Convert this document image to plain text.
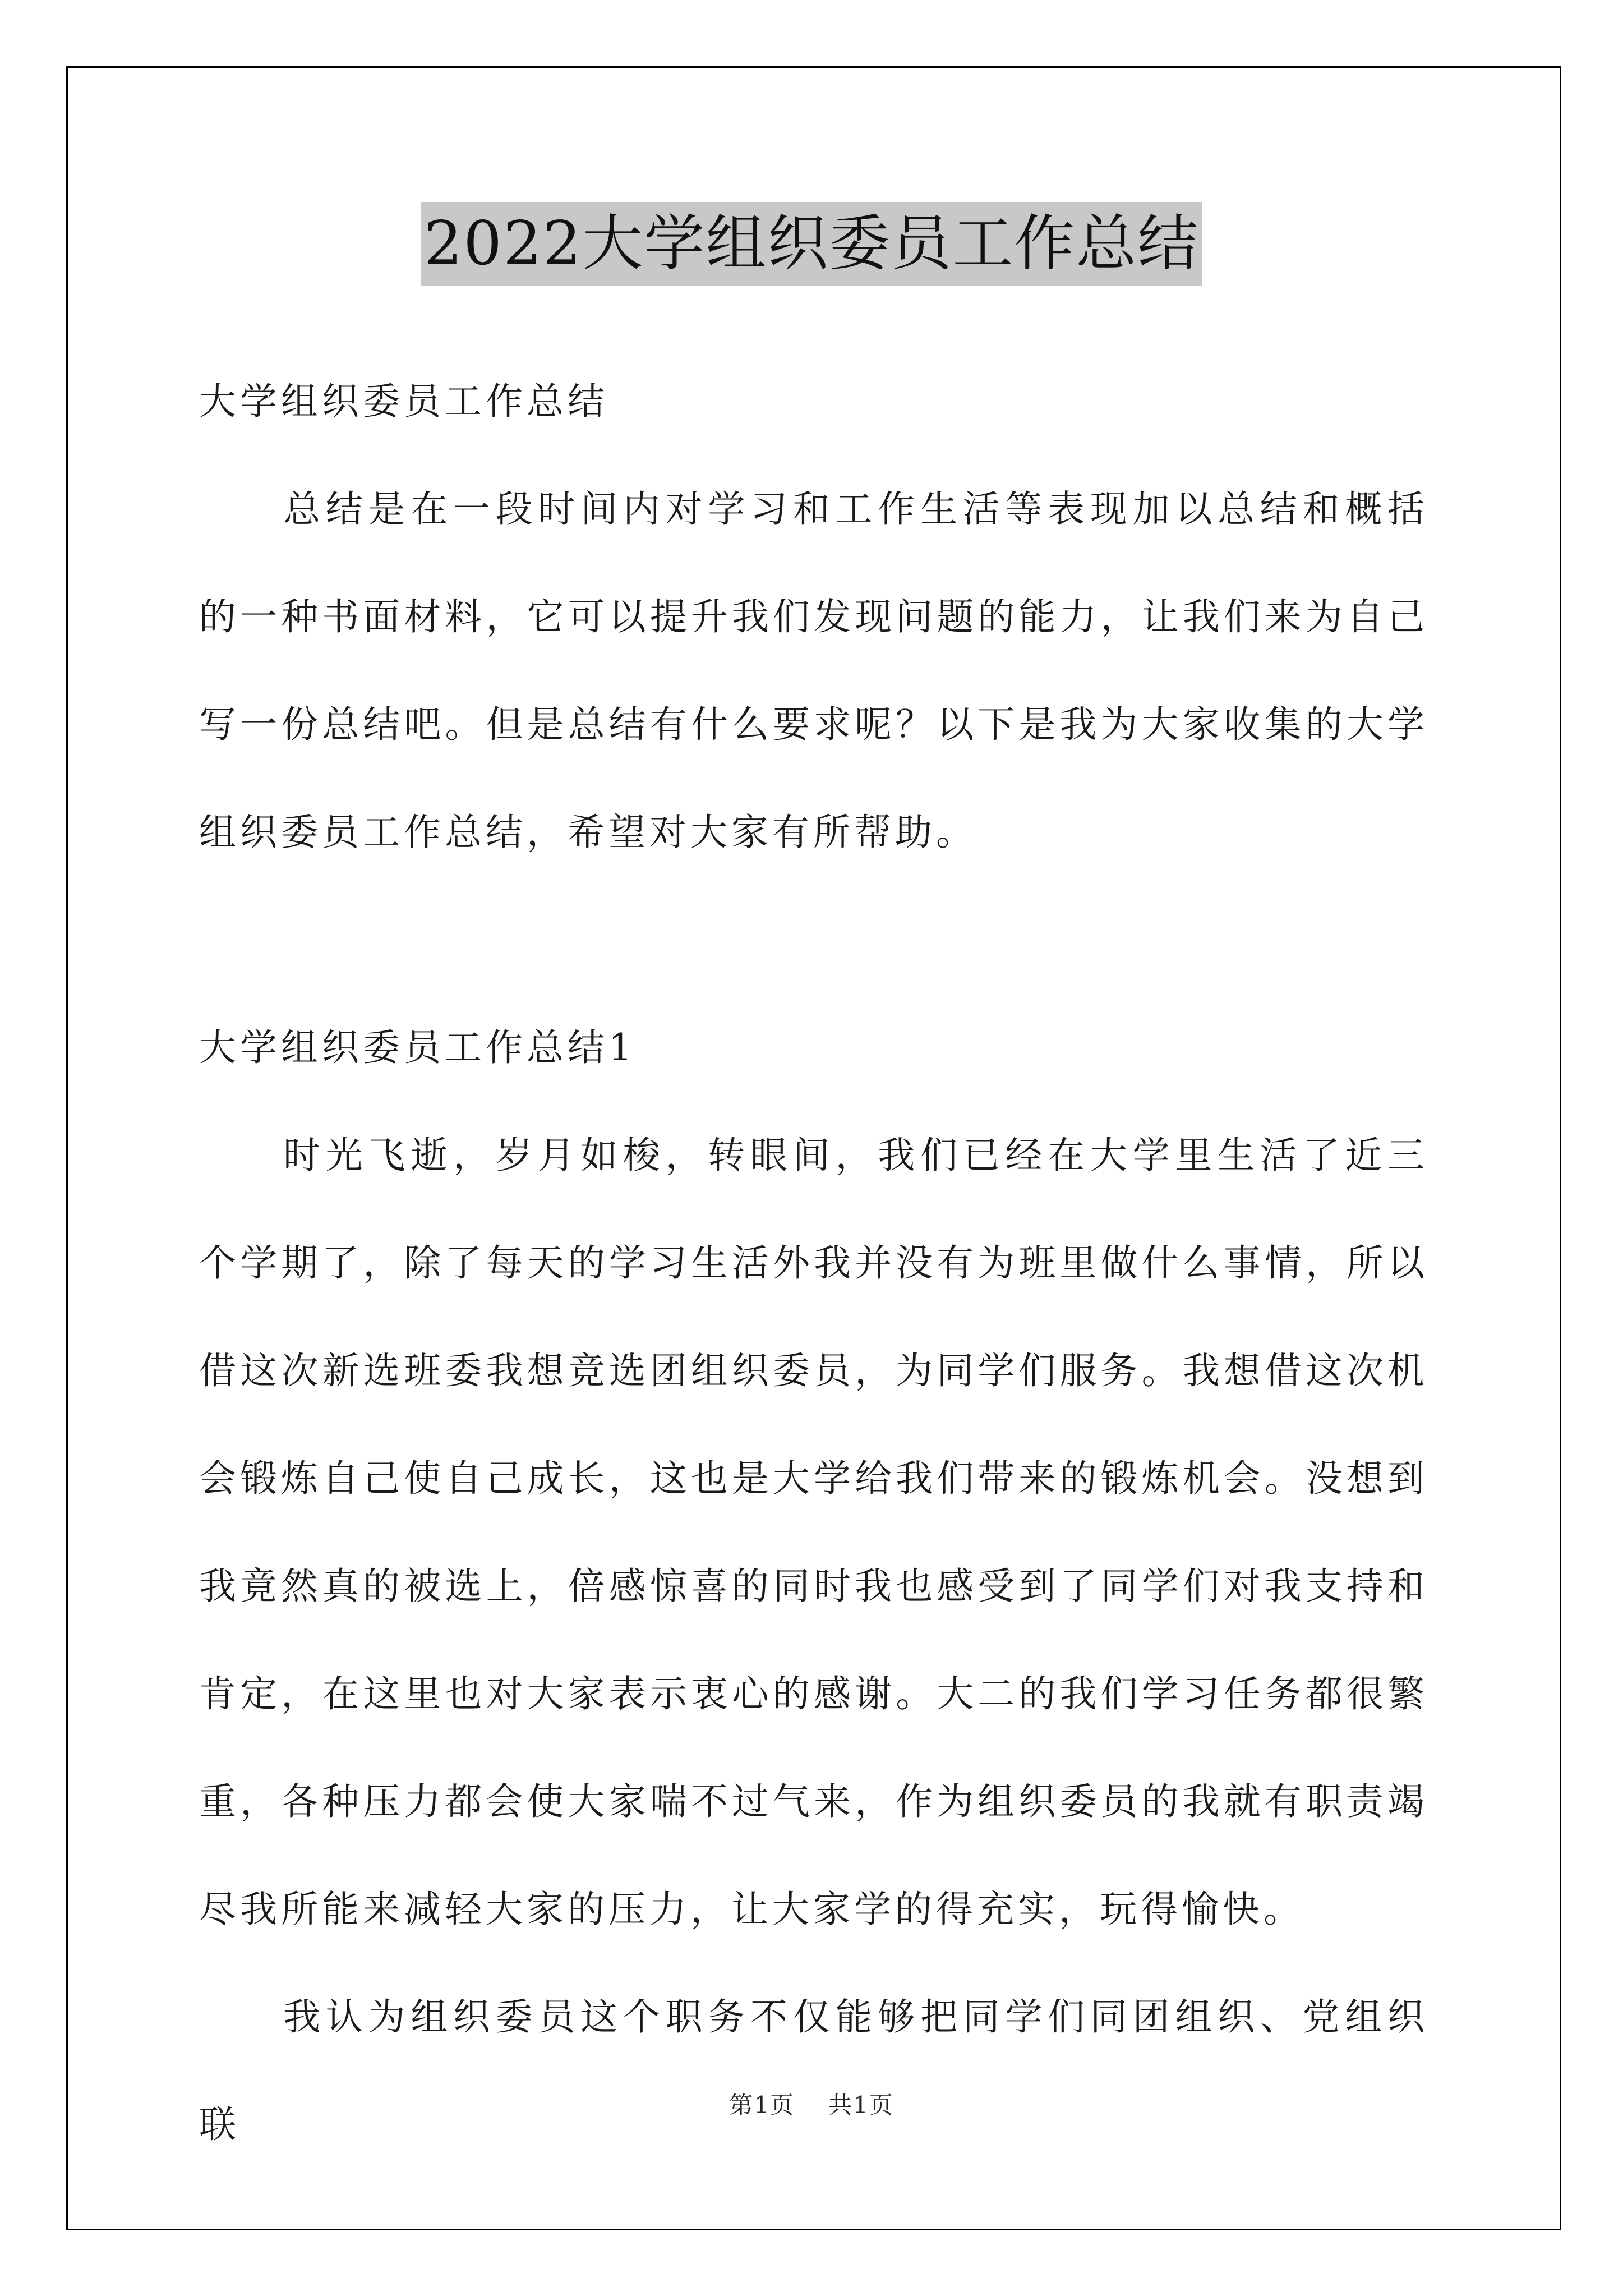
2022大学组织委员工作总结

大学组织委员工作总结

总结是在一段时间内对学习和工作生活等表现加以总结和概括的一种书面材料，它可以提升我们发现问题的能力，让我们来为自己写一份总结吧。但是总结有什么要求呢？以下是我为大家收集的大学组织委员工作总结，希望对大家有所帮助。

大学组织委员工作总结1

时光飞逝，岁月如梭，转眼间，我们已经在大学里生活了近三个学期了，除了每天的学习生活外我并没有为班里做什么事情，所以借这次新选班委我想竞选团组织委员，为同学们服务。我想借这次机会锻炼自己使自己成长，这也是大学给我们带来的锻炼机会。没想到我竟然真的被选上，倍感惊喜的同时我也感受到了同学们对我支持和肯定，在这里也对大家表示衷心的感谢。大二的我们学习任务都很繁重，各种压力都会使大家喘不过气来，作为组织委员的我就有职责竭尽我所能来减轻大家的压力，让大家学的得充实，玩得愉快。

我认为组织委员这个职务不仅能够把同学们同团组织、党组织联	第1页 共1页
